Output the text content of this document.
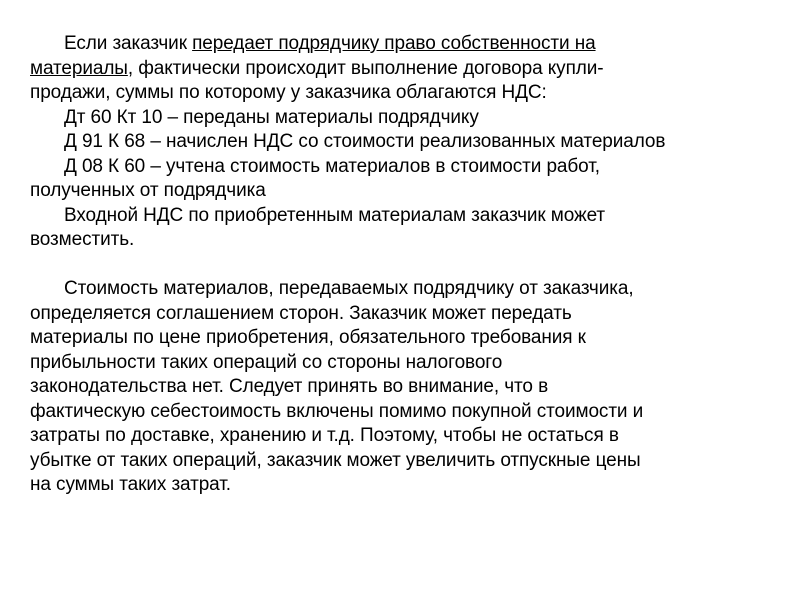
Если заказчик передает подрядчику право собственности на
материалы, фактически происходит выполнение договора купли-
продажи, суммы по которому у заказчика облагаются НДС:
Дт 60 Кт 10 – переданы материалы подрядчику
Д 91 К 68 – начислен НДС со стоимости реализованных материалов
Д 08 К 60 – учтена стоимость материалов в стоимости работ,
полученных от подрядчика
Входной НДС по приобретенным материалам заказчик может
возместить.
Стоимость материалов, передаваемых подрядчику от заказчика,
определяется соглашением сторон. Заказчик может передать
материалы по цене приобретения, обязательного требования к
прибыльности таких операций со стороны налогового
законодательства нет. Следует принять во внимание, что в
фактическую себестоимость включены помимо покупной стоимости и
затраты по доставке, хранению и т.д. Поэтому, чтобы не остаться в
убытке от таких операций, заказчик может увеличить отпускные цены
на суммы таких затрат.
